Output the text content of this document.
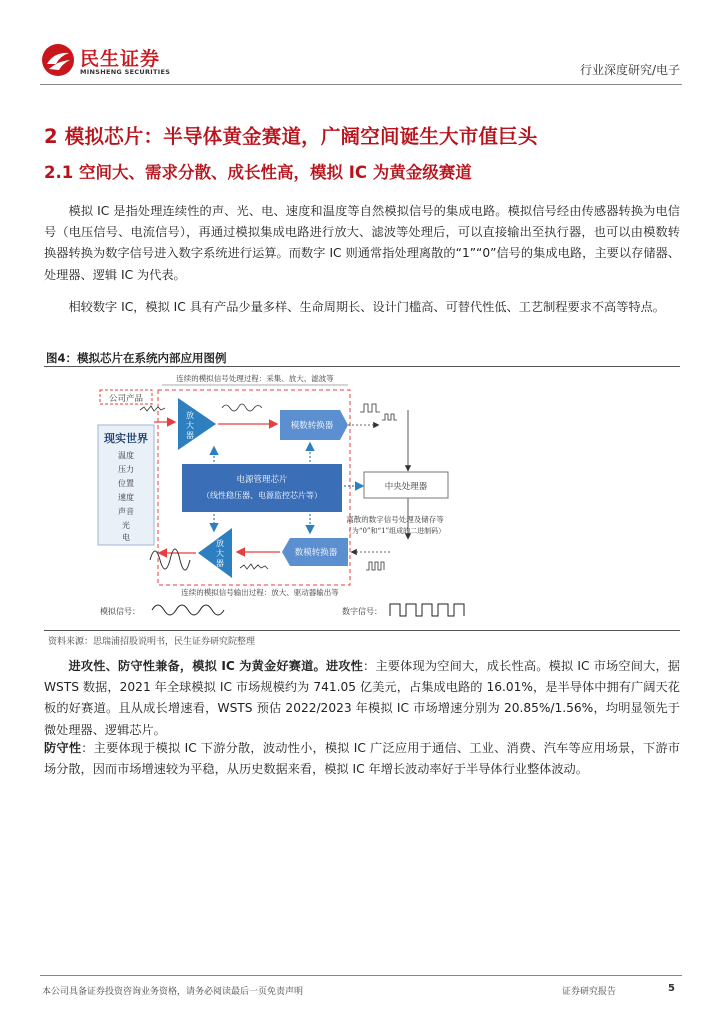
民生证券
MINSHENG SECURITIES	行业深度研究/电子
2 模拟芯片：半导体黄金赛道，广阔空间诞生大市值巨头
2.1 空间大、需求分散、成长性高，模拟 IC 为黄金级赛道

模拟 IC 是指处理连续性的声、光、电、速度和温度等自然模拟信号的集成电路。模拟信号经由传感器转换为电信号（电压信号、电流信号），再通过模拟集成电路进行放大、滤波等处理后，可以直接输出至执行器，也可以由模数转换器转换为数字信号进入数字系统进行运算。而数字 IC 则通常指处理离散的“1”“0”信号的集成电路，主要以存储器、处理器、逻辑 IC 为代表。

相较数字 IC，模拟 IC 具有产品少量多样、生命周期长、设计门槛高、可替代性低、工艺制程要求不高等特点。

图4：模拟芯片在系统内部应用图例
连续的模拟信号处理过程：采集、放大、滤波等
公司产品
现实世界
温度
压力
位置
速度
声音
光
电
放
大
器
模数转换器
电源管理芯片
（线性稳压器、电源监控芯片等）
中央处理器
离散的数字信号处理及储存等
（为“0”和“1”组成的二进制码）
数模转换器
放
大
器
连续的模拟信号输出过程：放大、驱动器输出等
模拟信号：	数字信号：
资料来源：思瑞浦招股说明书，民生证券研究院整理

进攻性、防守性兼备，模拟 IC 为黄金好赛道。进攻性：主要体现为空间大，成长性高。模拟 IC 市场空间大，据 WSTS 数据，2021 年全球模拟 IC 市场规模约为 741.05 亿美元，占集成电路的 16.01%，是半导体中拥有广阔天花板的好赛道。且从成长增速看，WSTS 预估 2022/2023 年模拟 IC 市场增速分别为 20.85%/1.56%，均明显领先于微处理器、逻辑芯片。

防守性：主要体现于模拟 IC 下游分散，波动性小，模拟 IC 广泛应用于通信、工业、消费、汽车等应用场景，下游市场分散，因而市场增速较为平稳，从历史数据来看，模拟 IC 年增长波动率好于半导体行业整体波动。

本公司具备证券投资咨询业务资格，请务必阅读最后一页免责声明	证券研究报告	5
